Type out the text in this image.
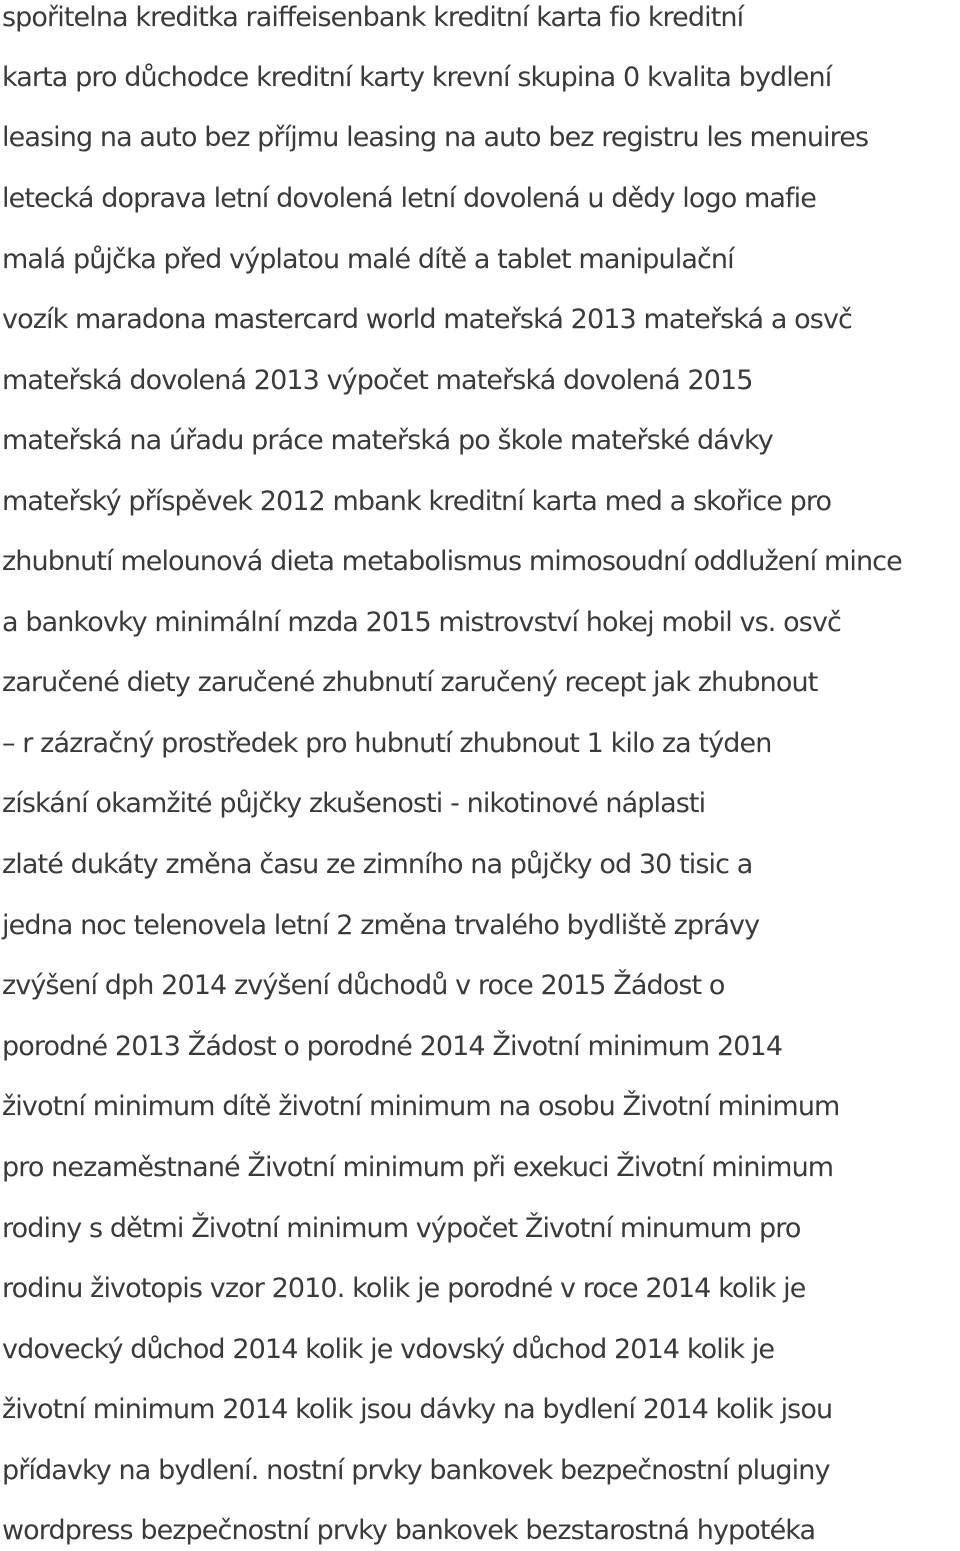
spořitelna kreditka raiffeisenbank kreditní karta fio kreditní
karta pro důchodce kreditní karty krevní skupina 0 kvalita bydlení
leasing na auto bez příjmu leasing na auto bez registru les menuires
letecká doprava letní dovolená letní dovolená u dědy logo mafie
malá půjčka před výplatou malé dítě a tablet manipulační
vozík maradona mastercard world mateřská 2013 mateřská a osvč
mateřská dovolená 2013 výpočet mateřská dovolená 2015
mateřská na úřadu práce mateřská po škole mateřské dávky
mateřský příspěvek 2012 mbank kreditní karta med a skořice pro
zhubnutí melounová dieta metabolismus mimosoudní oddlužení mince
a bankovky minimální mzda 2015 mistrovství hokej mobil vs. osvč
zaručené diety zaručené zhubnutí zaručený recept jak zhubnout
– r zázračný prostředek pro hubnutí zhubnout 1 kilo za týden
získání okamžité půjčky zkušenosti - nikotinové náplasti
zlaté dukáty změna času ze zimního na půjčky od 30 tisic a
jedna noc telenovela letní 2 změna trvalého bydliště zprávy
zvýšení dph 2014 zvýšení důchodů v roce 2015 Žádost o
porodné 2013 Žádost o porodné 2014 Životní minimum 2014
životní minimum dítě životní minimum na osobu Životní minimum
pro nezaměstnané Životní minimum při exekuci Životní minimum
rodiny s dětmi Životní minimum výpočet Životní minumum pro
rodinu životopis vzor 2010. kolik je porodné v roce 2014 kolik je
vdovecký důchod 2014 kolik je vdovský důchod 2014 kolik je
životní minimum 2014 kolik jsou dávky na bydlení 2014 kolik jsou
přídavky na bydlení. nostní prvky bankovek bezpečnostní pluginy
wordpress bezpečnostní prvky bankovek bezstarostná hypotéka
